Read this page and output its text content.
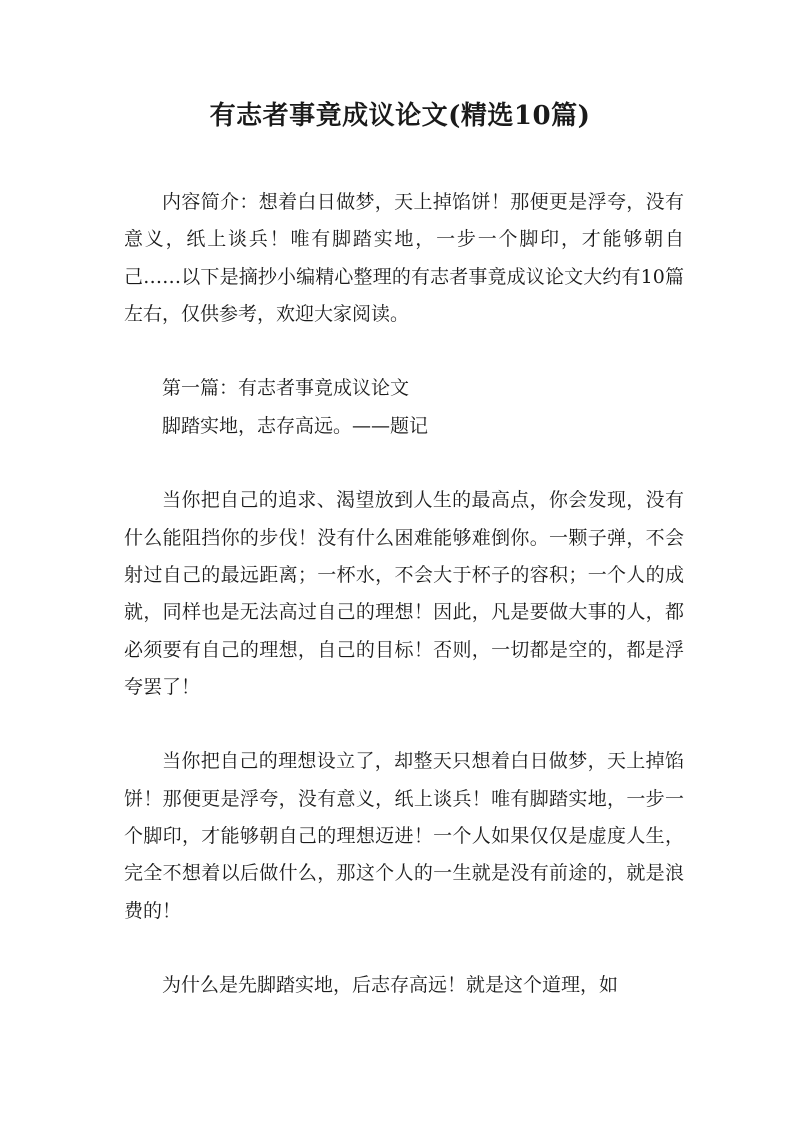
有志者事竟成议论文(精选10篇)

内容简介：想着白日做梦，天上掉馅饼！那便更是浮夸，没有意义，纸上谈兵！唯有脚踏实地，一步一个脚印，才能够朝自己……以下是摘抄小编精心整理的有志者事竟成议论文大约有10篇左右，仅供参考，欢迎大家阅读。

第一篇：有志者事竟成议论文

脚踏实地，志存高远。——题记

当你把自己的追求、渴望放到人生的最高点，你会发现，没有什么能阻挡你的步伐！没有什么困难能够难倒你。一颗子弹，不会射过自己的最远距离；一杯水，不会大于杯子的容积；一个人的成就，同样也是无法高过自己的理想！因此，凡是要做大事的人，都必须要有自己的理想，自己的目标！否则，一切都是空的，都是浮夸罢了！

当你把自己的理想设立了，却整天只想着白日做梦，天上掉馅饼！那便更是浮夸，没有意义，纸上谈兵！唯有脚踏实地，一步一个脚印，才能够朝自己的理想迈进！一个人如果仅仅是虚度人生，完全不想着以后做什么，那这个人的一生就是没有前途的，就是浪费的！

为什么是先脚踏实地，后志存高远！就是这个道理，如
